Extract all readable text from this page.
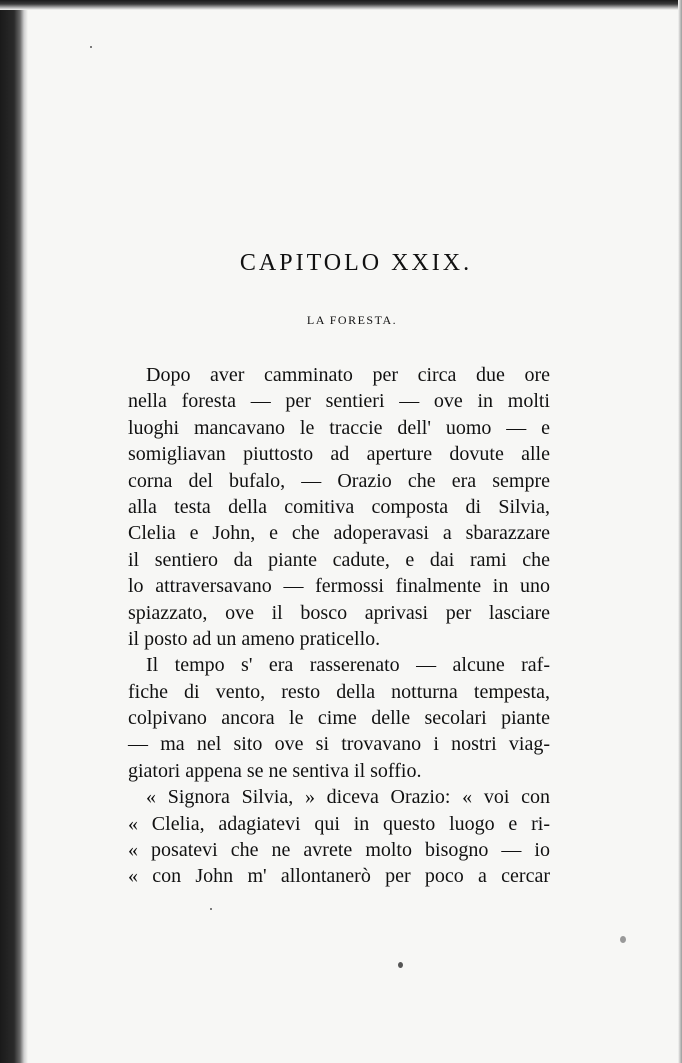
CAPITOLO XXIX.
LA FORESTA.
Dopo aver camminato per circa due ore
nella foresta — per sentieri — ove in molti
luoghi mancavano le traccie dell' uomo — e
somigliavan piuttosto ad aperture dovute alle
corna del bufalo, — Orazio che era sempre
alla testa della comitiva composta di Silvia,
Clelia e John, e che adoperavasi a sbarazzare
il sentiero da piante cadute, e dai rami che
lo attraversavano — fermossi finalmente in uno
spiazzato, ove il bosco aprivasi per lasciare
il posto ad un ameno praticello.
Il tempo s' era rasserenato — alcune raf-
fiche di vento, resto della notturna tempesta,
colpivano ancora le cime delle secolari piante
— ma nel sito ove si trovavano i nostri viag-
giatori appena se ne sentiva il soffio.
« Signora Silvia, » diceva Orazio: « voi con
« Clelia, adagiatevi qui in questo luogo e ri-
« posatevi che ne avrete molto bisogno — io
« con John m' allontanerò per poco a cercar
